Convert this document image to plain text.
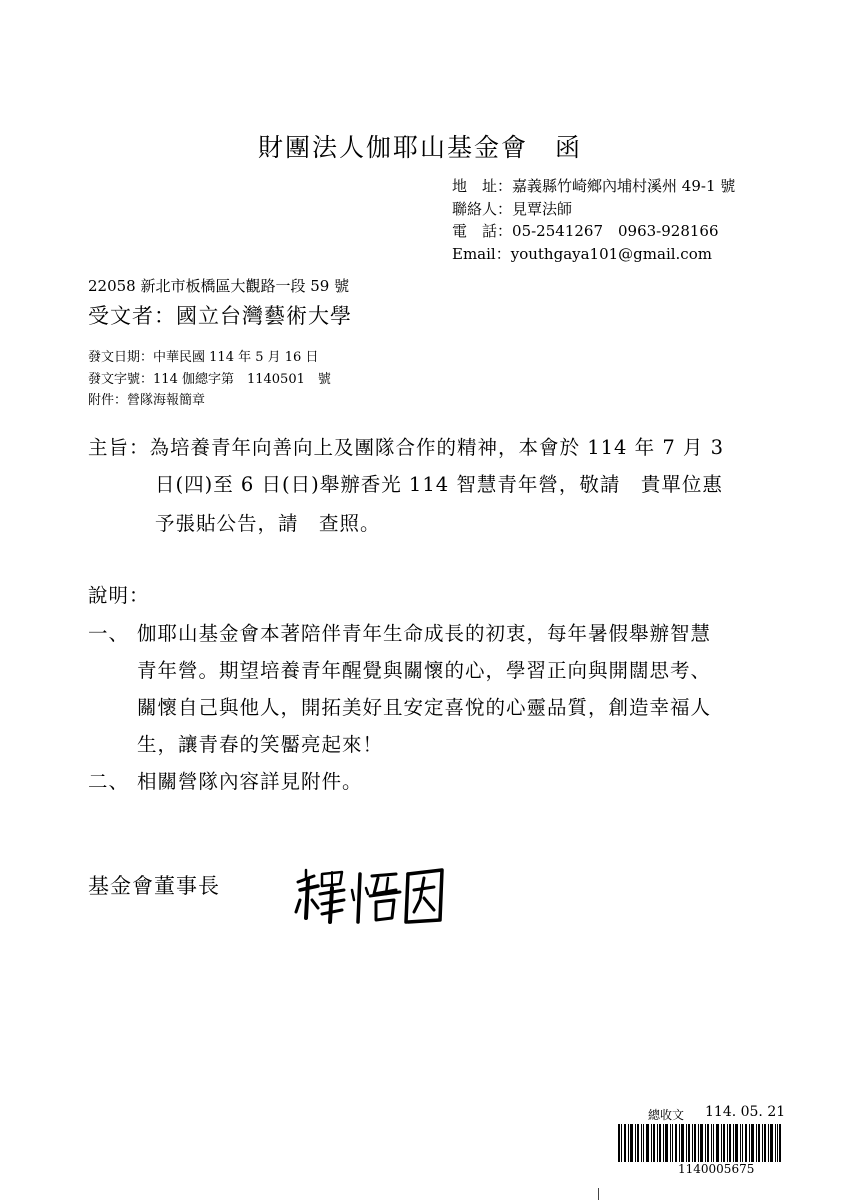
財團法人伽耶山基金會　函
地　址：嘉義縣竹崎鄉內埔村溪州 49-1 號
聯絡人：見覃法師
電　話：05-2541267　0963-928166
Email：youthgaya101@gmail.com
22058 新北市板橋區大觀路一段 59 號
受文者：國立台灣藝術大學
發文日期：中華民國 114 年 5 月 16 日
發文字號：114 伽總字第　1140501　號
附件：營隊海報簡章
主旨：為培養青年向善向上及團隊合作的精神，本會於 114 年 7 月 3
日(四)至 6 日(日)舉辦香光 114 智慧青年營，敬請　貴單位惠
予張貼公告，請　查照。
說明：
一、 伽耶山基金會本著陪伴青年生命成長的初衷，每年暑假舉辦智慧
青年營。期望培養青年醒覺與關懷的心，學習正向與開闊思考、
關懷自己與他人，開拓美好且安定喜悅的心靈品質，創造幸福人
生，讓青春的笑靨亮起來！
二、 相關營隊內容詳見附件。
基金會董事長
總收文 114. 05. 21
1140005675
